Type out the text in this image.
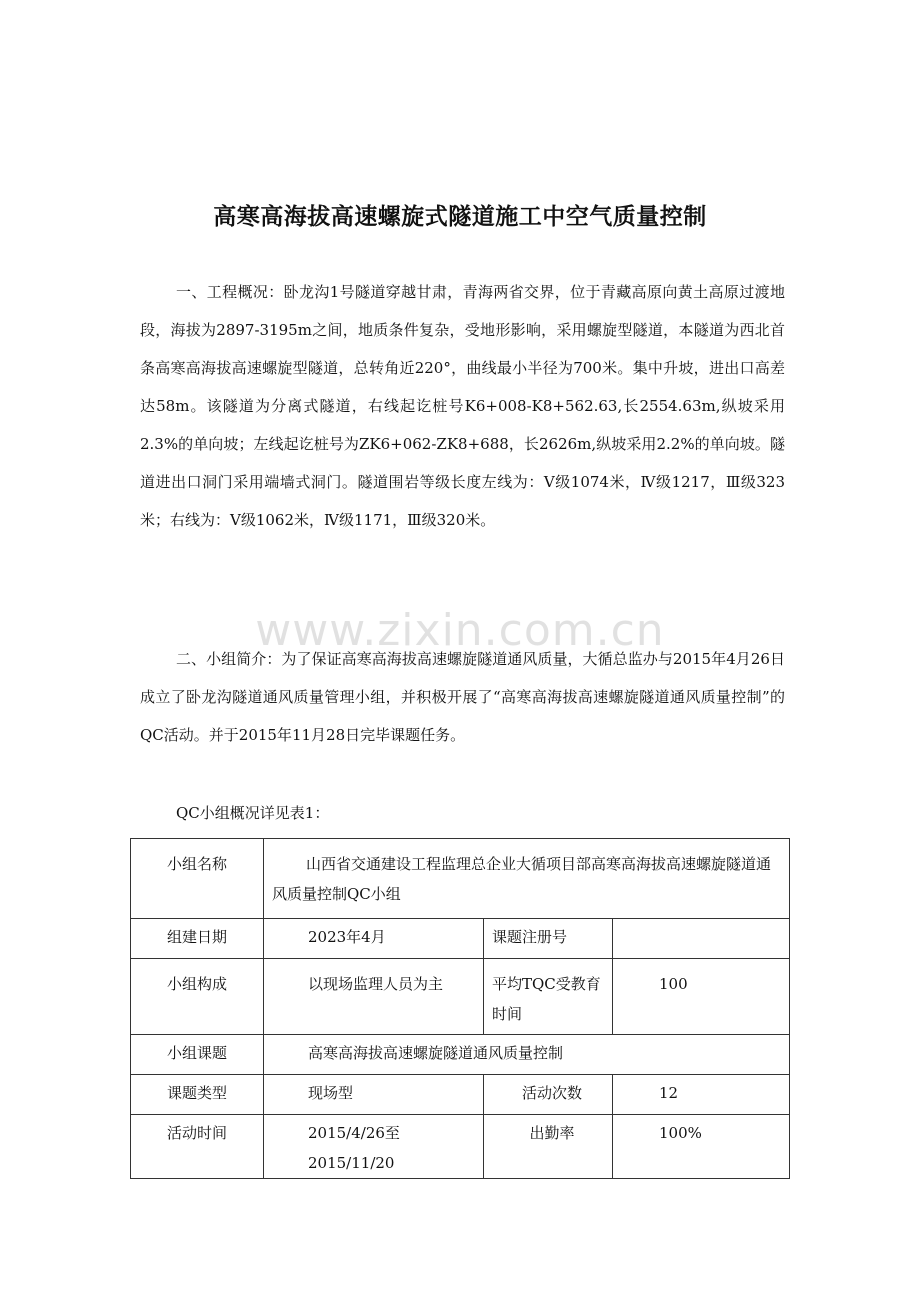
高寒高海拔高速螺旋式隧道施工中空气质量控制

一、工程概况：卧龙沟1号隧道穿越甘肃，青海两省交界，位于青藏高原向黄土高原过渡地段，海拔为2897-3195m之间，地质条件复杂，受地形影响，采用螺旋型隧道，本隧道为西北首条高寒高海拔高速螺旋型隧道，总转角近220°，曲线最小半径为700米。集中升坡，进出口高差达58m。该隧道为分离式隧道，右线起讫桩号K6+008-K8+562.63,长2554.63m,纵坡采用2.3%的单向坡；左线起讫桩号为ZK6+062-ZK8+688，长2626m,纵坡采用2.2%的单向坡。隧道进出口洞门采用端墙式洞门。隧道围岩等级长度左线为：Ⅴ级1074米，Ⅳ级1217，Ⅲ级323米；右线为：Ⅴ级1062米，Ⅳ级1171，Ⅲ级320米。

www.zixin.com.cn

二、小组简介：为了保证高寒高海拔高速螺旋隧道通风质量，大循总监办与2015年4月26日成立了卧龙沟隧道通风质量管理小组，并积极开展了“高寒高海拔高速螺旋隧道通风质量控制”的QC活动。并于2015年11月28日完毕课题任务。

QC小组概况详见表1：
小组名称	山西省交通建设工程监理总企业大循项目部高寒高海拔高速螺旋隧道通风质量控制QC小组		
组建日期	2023年4月	课题注册号	
小组构成	以现场监理人员为主	平均TQC受教育时间	100
小组课题	高寒高海拔高速螺旋隧道通风质量控制		
课题类型	现场型	活动次数	12
活动时间	2015/4/26至2015/11/20	出勤率	100%
